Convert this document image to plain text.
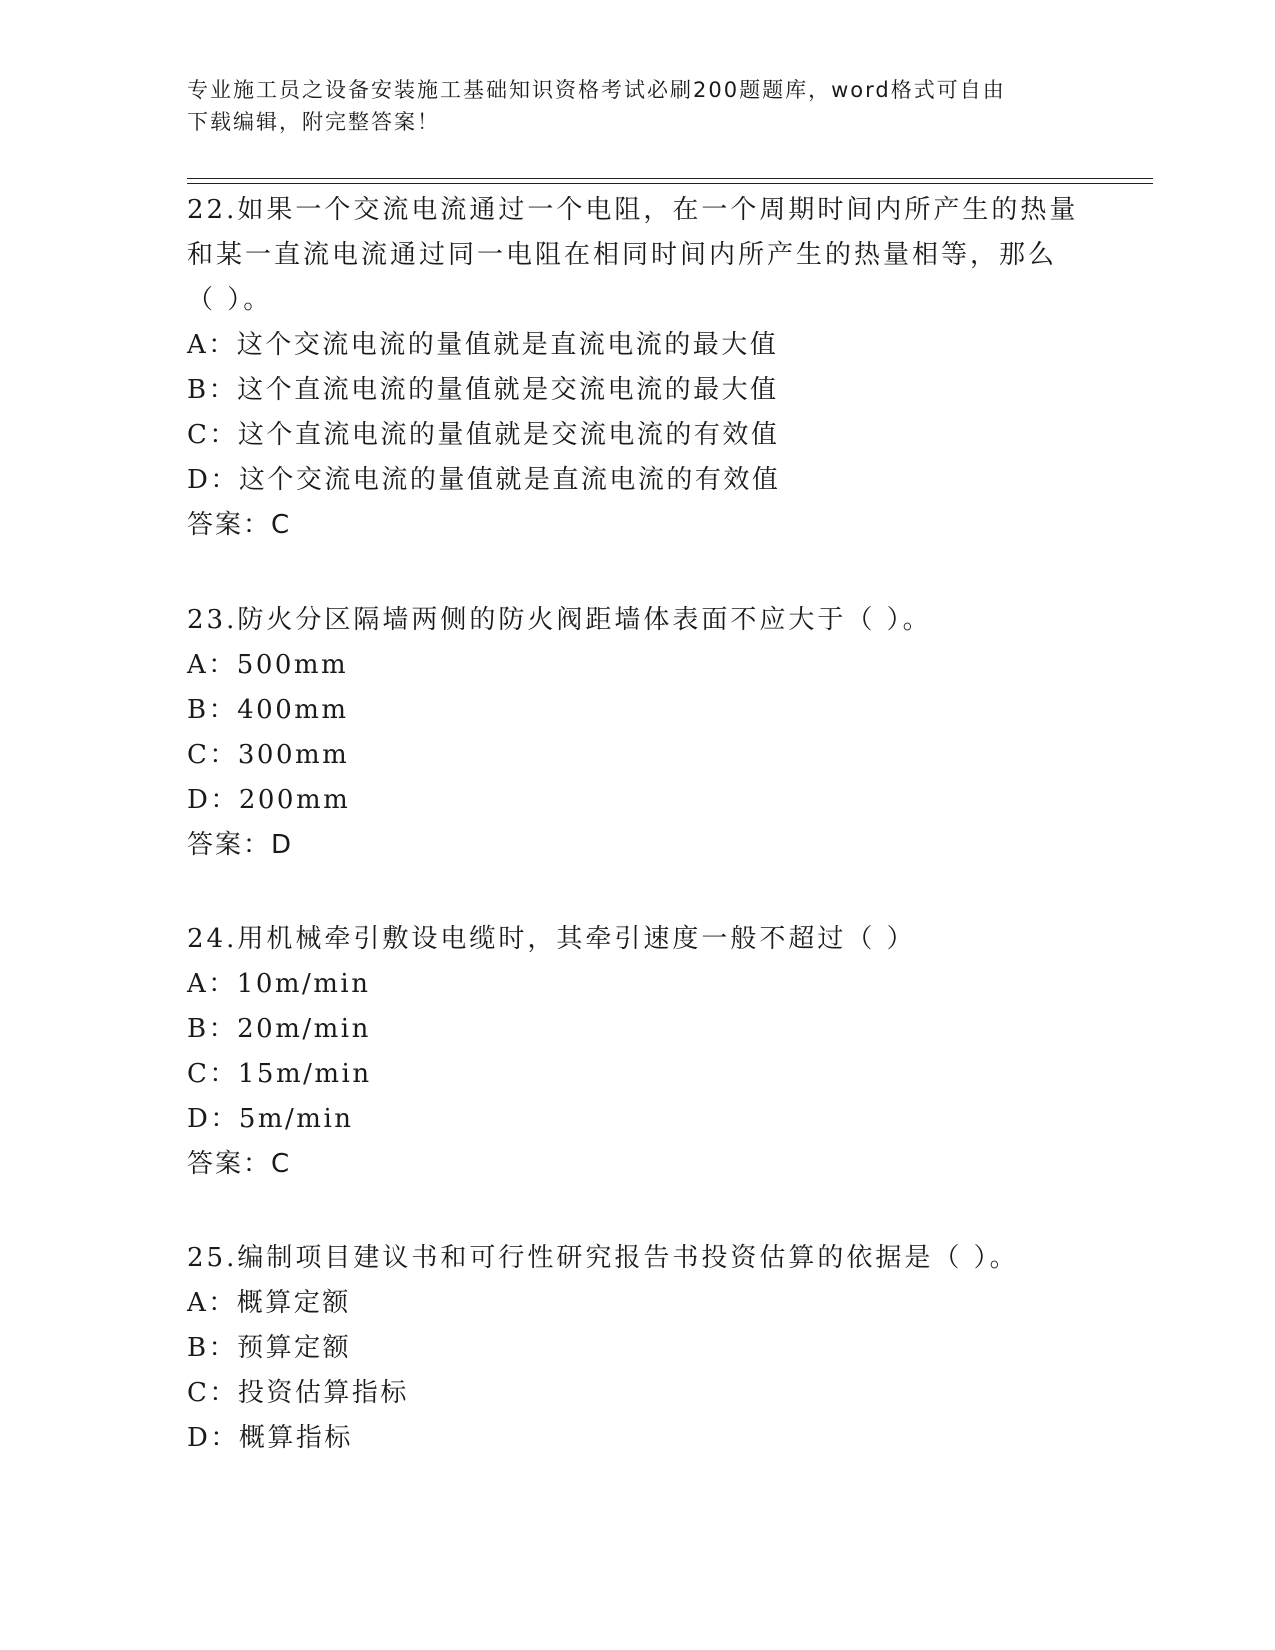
专业施工员之设备安装施工基础知识资格考试必刷200题题库，word格式可自由
下载编辑，附完整答案！

22.如果一个交流电流通过一个电阻，在一个周期时间内所产生的热量

和某一直流电流通过同一电阻在相同时间内所产生的热量相等，那么

（ ）。

A：这个交流电流的量值就是直流电流的最大值

B：这个直流电流的量值就是交流电流的最大值

C：这个直流电流的量值就是交流电流的有效值

D：这个交流电流的量值就是直流电流的有效值

答案：C

23.防火分区隔墙两侧的防火阀距墙体表面不应大于（ ）。

A：500mm

B：400mm

C：300mm

D：200mm

答案：D

24.用机械牵引敷设电缆时，其牵引速度一般不超过（ ）

A：10m/min

B：20m/min

C：15m/min

D：5m/min

答案：C

25.编制项目建议书和可行性研究报告书投资估算的依据是（ ）。

A：概算定额

B：预算定额

C：投资估算指标

D：概算指标
